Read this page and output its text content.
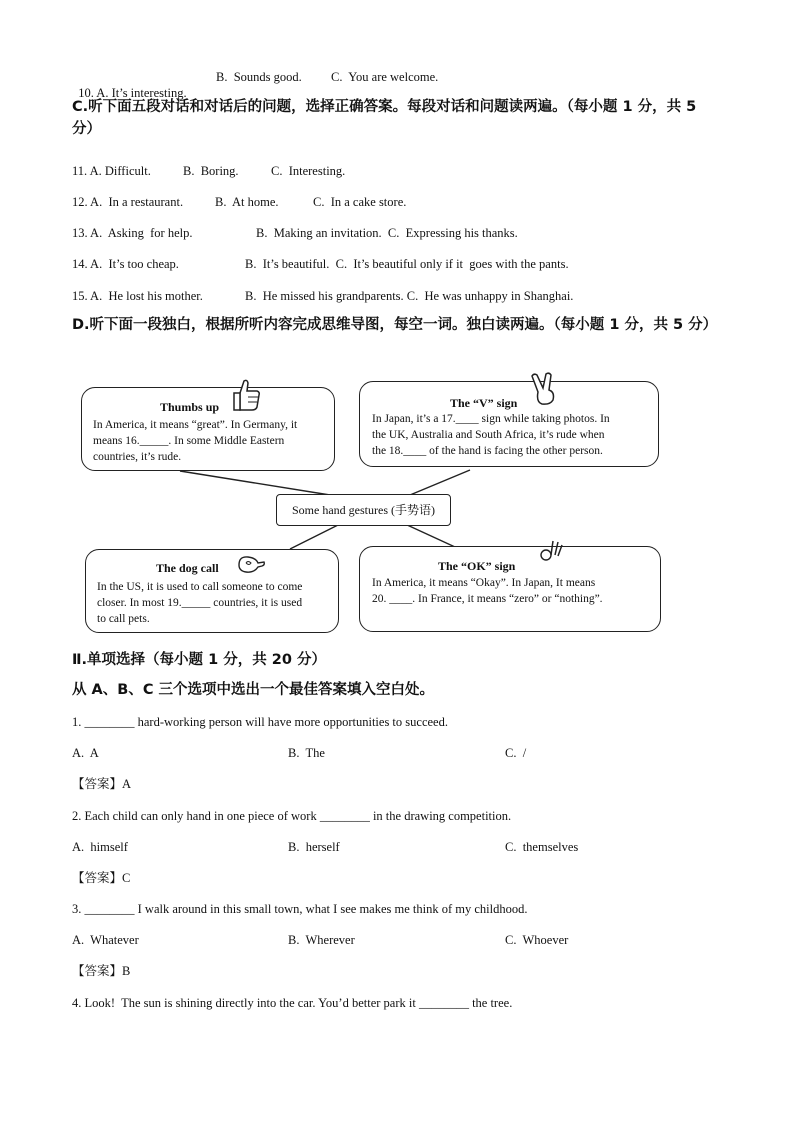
10. A. It’s interesting.

B.  Sounds good. C.  You are welcome.
C.听下面五段对话和对话后的问题，选择正确答案。每段对话和问题读两遍。（每小题 1 分，共 5 分）
11. A. Difficult.	B.  Boring.	C.  Interesting.
12. A.  In a restaurant.	B.  At home.	C.  In a cake store.
13. A.  Asking  for help.	B.  Making an invitation.  C.  Expressing his thanks.
14. A.  It’s too cheap.	B.  It’s beautiful.  C.  It’s beautiful only if it  goes with the pants.
15. A.  He lost his mother.	B.  He missed his grandparents. C.  He was unhappy in Shanghai.
D.听下面一段独白，根据所听内容完成思维导图，每空一词。独白读两遍。（每小题 1 分，共 5 分）
Thumbs up
In America, it means “great”. In Germany, it
means 16._____. In some Middle Eastern
countries, it’s rude.
The “V” sign
In Japan, it’s a 17.____ sign while taking photos. In
the UK, Australia and South Africa, it’s rude when
the 18.____ of the hand is facing the other person.
Some hand gestures (手势语)
The dog call
In the US, it is used to call someone to come
closer. In most 19._____ countries, it is used
to call pets.
The “OK” sign
In America, it means “Okay”. In Japan, It means
20. ____. In France, it means “zero” or “nothing”.
Ⅱ.单项选择（每小题 1 分，共 20 分）
从 A、B、C 三个选项中选出一个最佳答案填入空白处。
1. ________ hard-working person will have more opportunities to succeed.
A.  A	B.  The	C.  /
【答案】A
2. Each child can only hand in one piece of work ________ in the drawing competition.
A.  himself	B.  herself	C.  themselves
【答案】C
3. ________ I walk around in this small town, what I see makes me think of my childhood.
A.  Whatever	B.  Wherever	C.  Whoever
【答案】B
4. Look!  The sun is shining directly into the car. You’d better park it ________ the tree.
